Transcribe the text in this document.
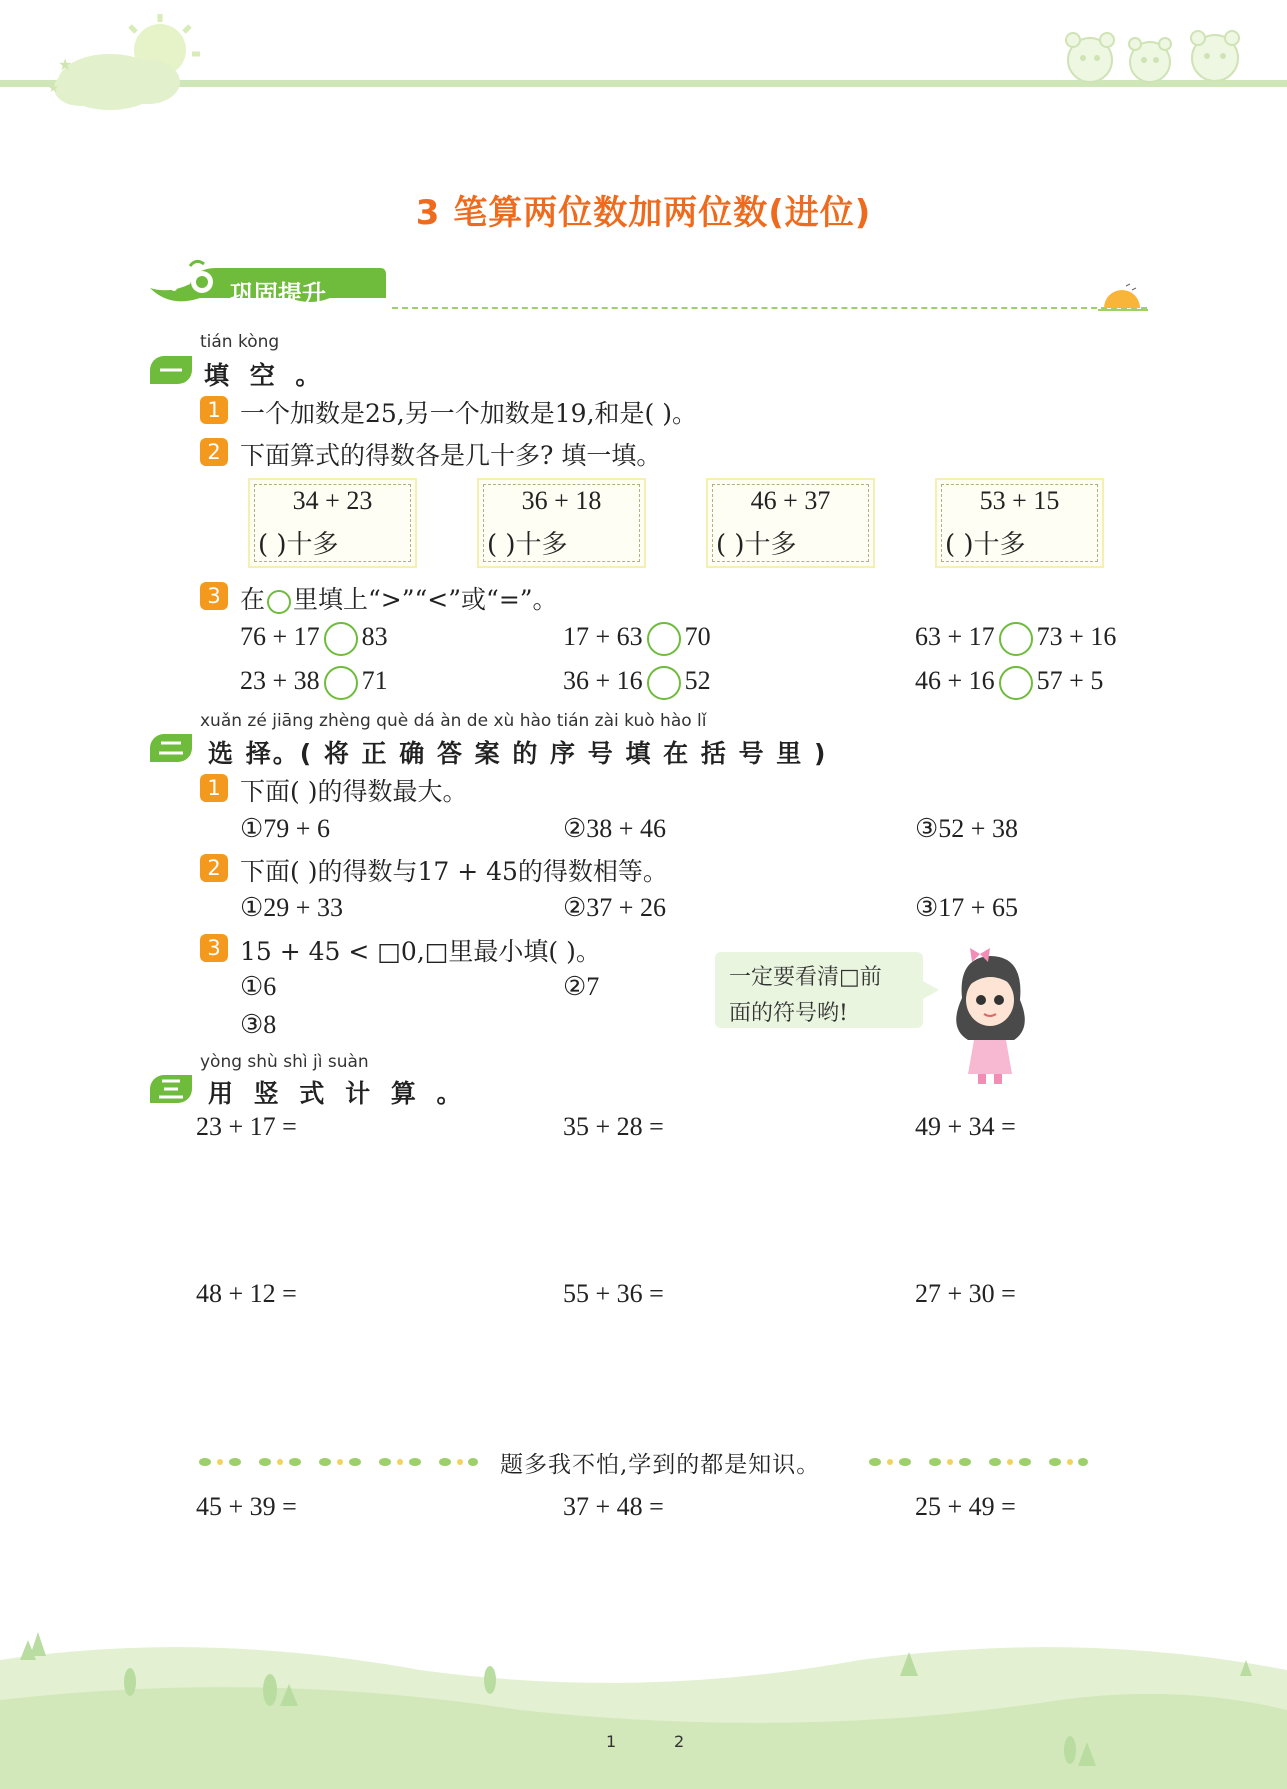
★
★
3 笔算两位数加两位数(进位)
巩固提升
tián kòng
填 空 。
1 一个加数是25,另一个加数是19,和是( )。
2 下面算式的得数各是几十多? 填一填。
34 + 23
( )十多
36 + 18
( )十多
46 + 37
( )十多
53 + 15
( )十多
3 在 里填上“>”“<”或“=”。
76 + 17 83	17 + 63 70	63 + 17 73 + 16
23 + 38 71	36 + 16 52	46 + 16 57 + 5
xuǎn zé jiāng zhèng què dá àn de xù hào tián zài kuò hào lǐ
选 择。( 将 正 确 答 案 的 序 号 填 在 括 号 里 )
1 下面( )的得数最大。
①79 + 6	②38 + 46	③52 + 38
2 下面( )的得数与17 + 45的得数相等。
①29 + 33	②37 + 26	③17 + 65
3 15 + 45 < □0,□里最小填( )。
①6	②7
③8
一定要看清□前
面的符号哟!
yòng shù shì jì suàn
用 竖 式 计 算 。
23 + 17 =	35 + 28 =	49 + 34 =
48 + 12 =	55 + 36 =	27 + 30 =
题多我不怕,学到的都是知识。
45 + 39 =	37 + 48 =	25 + 49 =
1	2
